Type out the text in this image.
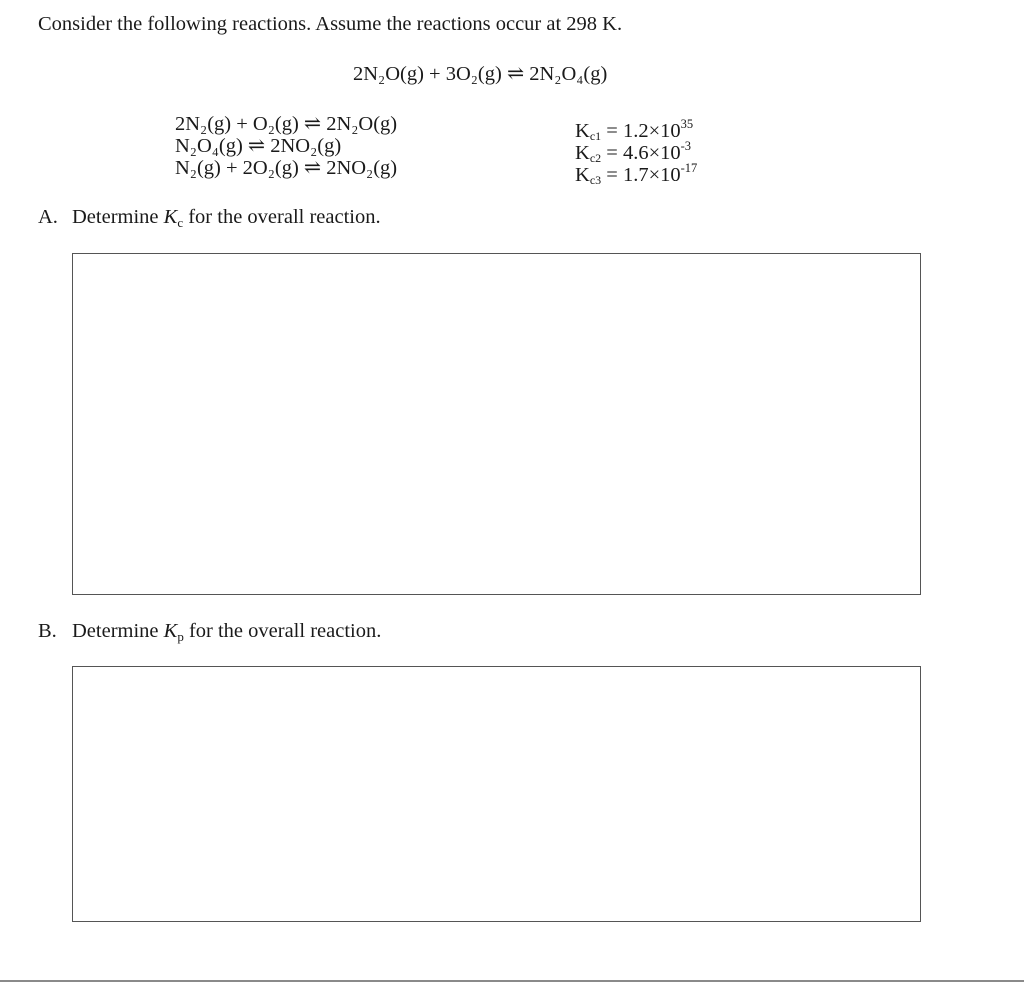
Consider the following reactions. Assume the reactions occur at 298 K.
2N₂O(g) + 3O₂(g) ⇌ 2N₂O₄(g)
2N₂(g) + O₂(g) ⇌ 2N₂O(g)
N₂O₄(g) ⇌ 2NO₂(g)
N₂(g) + 2O₂(g) ⇌ 2NO₂(g)
$Kc1 = 1.2\times 10^{35}$
$Kc2 = 4.6\times 10^{-3}$
$Kc3 = 1.7\times 10^{-17}$
A. Determine Kc for the overall reaction.
B. Determine Kp for the overall reaction.
